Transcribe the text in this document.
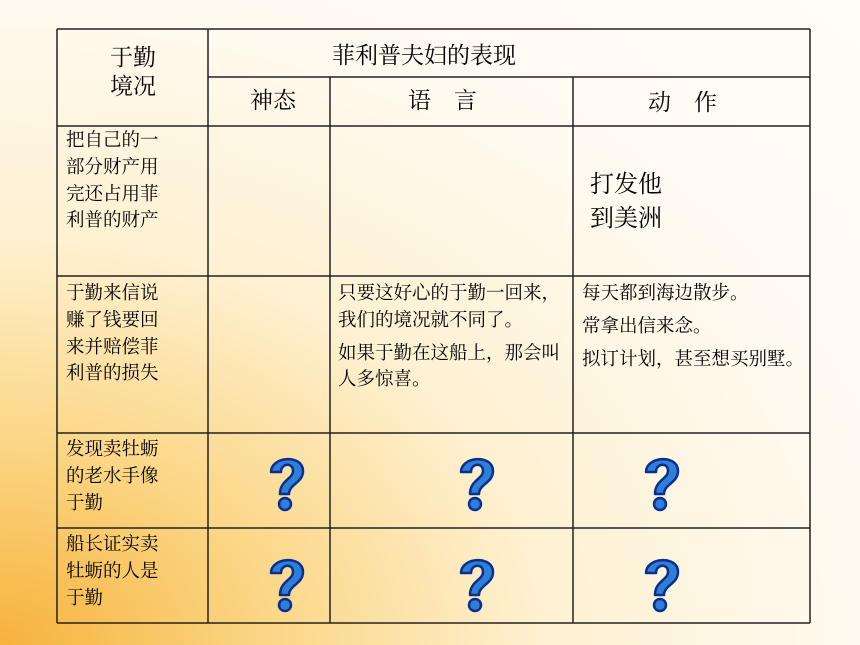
于勤
境况
菲利普夫妇的表现
神态	语　言	动　作
把自己的一
部分财产用
完还占用菲
利普的财产
打发他
到美洲
于勤来信说
赚了钱要回
来并赔偿菲
利普的损失

只要这好心的于勤一回来，我们的境况就不同了。

如果于勤在这船上，那会叫人多惊喜。

每天都到海边散步。

常拿出信来念。

拟订计划，甚至想买别墅。

发现卖牡蛎
的老水手像
于勤
船长证实卖
牡蛎的人是
于勤
